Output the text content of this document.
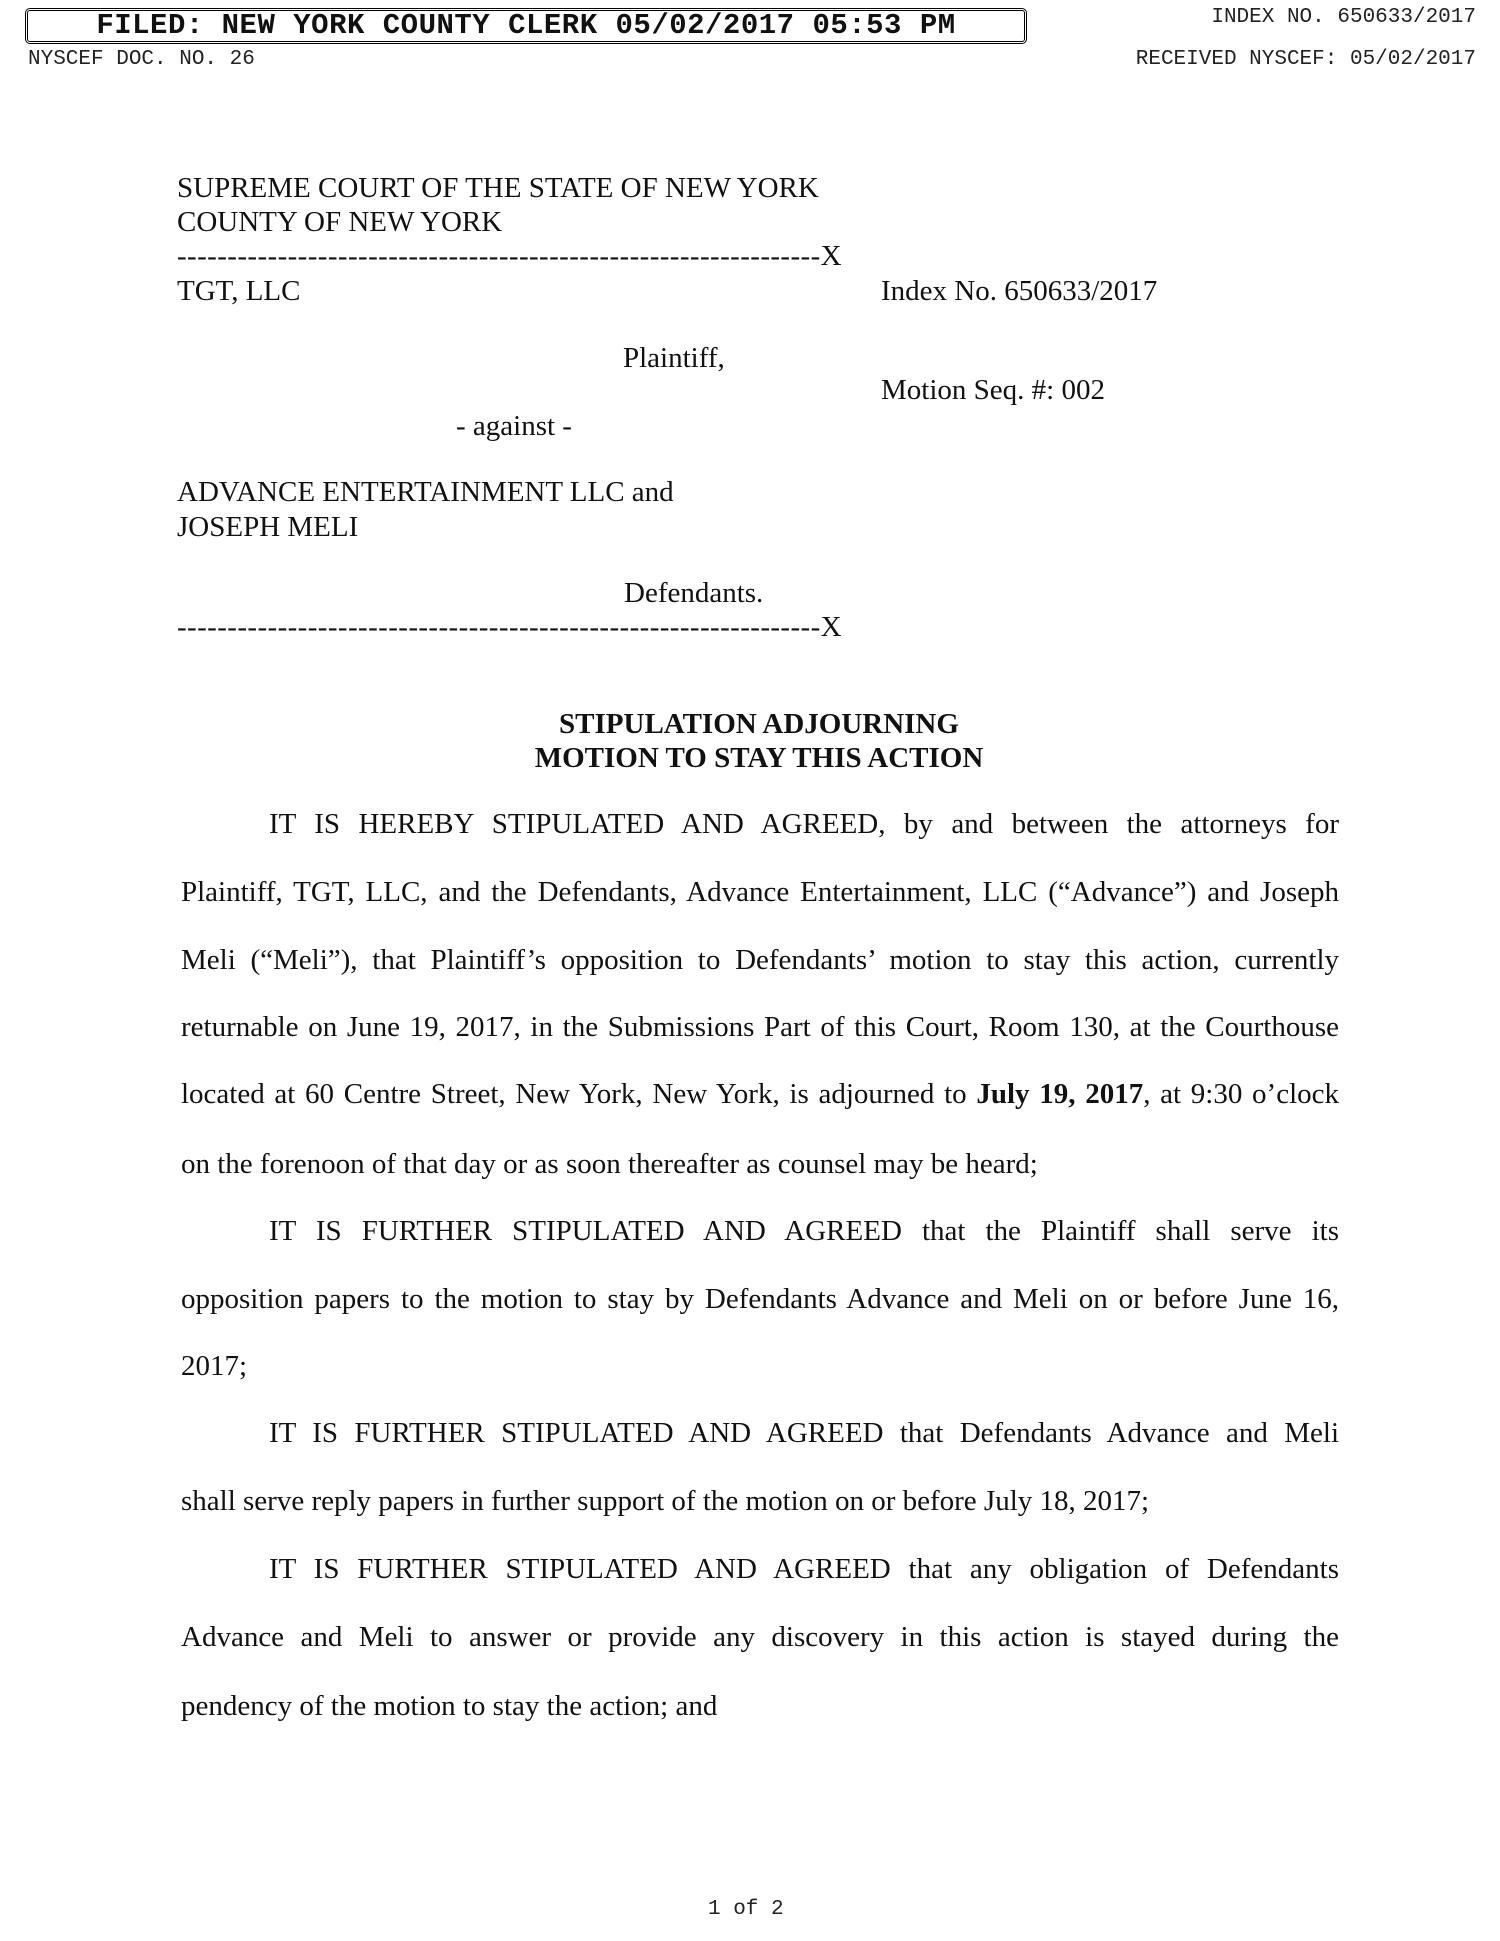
FILED: NEW YORK COUNTY CLERK 05/02/2017 05:53 PM	INDEX NO. 650633/2017
NYSCEF DOC. NO. 26	RECEIVED NYSCEF: 05/02/2017
SUPREME COURT OF THE STATE OF NEW YORK
COUNTY OF NEW YORK
----------------------------------------------------------------X
TGT, LLC	Index No. 650633/2017
Plaintiff,
Motion Seq. #: 002
- against -
ADVANCE ENTERTAINMENT LLC and
JOSEPH MELI
Defendants.
----------------------------------------------------------------X
STIPULATION ADJOURNING
MOTION TO STAY THIS ACTION
IT IS HEREBY STIPULATED AND AGREED, by and between the attorneys for
Plaintiff, TGT, LLC, and the Defendants, Advance Entertainment, LLC (“Advance”) and Joseph
Meli (“Meli”), that Plaintiff’s opposition to Defendants’ motion to stay this action, currently
returnable on June 19, 2017, in the Submissions Part of this Court, Room 130, at the Courthouse
located at 60 Centre Street, New York, New York, is adjourned to July 19, 2017, at 9:30 o’clock
on the forenoon of that day or as soon thereafter as counsel may be heard;
IT IS FURTHER STIPULATED AND AGREED that the Plaintiff shall serve its
opposition papers to the motion to stay by Defendants Advance and Meli on or before June 16,
2017;
IT IS FURTHER STIPULATED AND AGREED that Defendants Advance and Meli
shall serve reply papers in further support of the motion on or before July 18, 2017;
IT IS FURTHER STIPULATED AND AGREED that any obligation of Defendants
Advance and Meli to answer or provide any discovery in this action is stayed during the
pendency of the motion to stay the action; and
1 of 2
